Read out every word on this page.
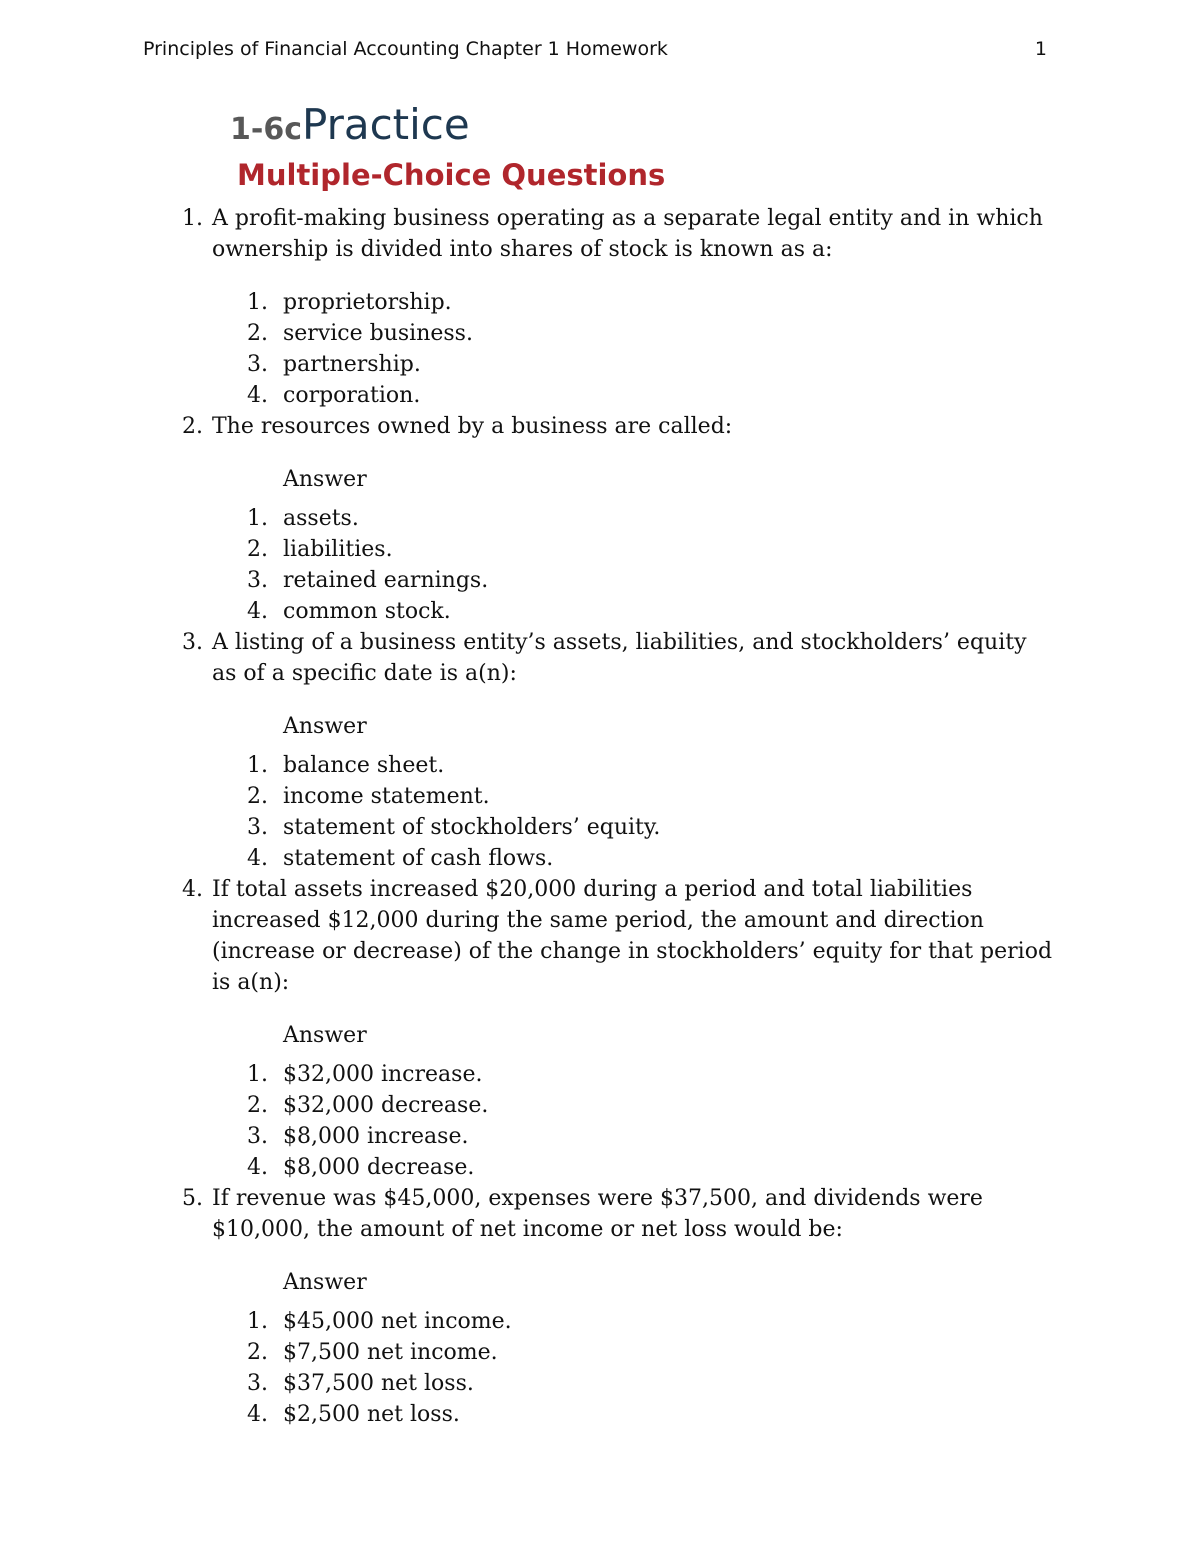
Principles of Financial Accounting Chapter 1 Homework	1
1-6cPractice
Multiple-Choice Questions
1. A profit-making business operating as a separate legal entity and in which ownership is divided into shares of stock is known as a:
1. proprietorship.
2. service business.
3. partnership.
4. corporation.
2. The resources owned by a business are called:
Answer
1. assets.
2. liabilities.
3. retained earnings.
4. common stock.
3. A listing of a business entity’s assets, liabilities, and stockholders’ equity as of a specific date is a(n):
Answer
1. balance sheet.
2. income statement.
3. statement of stockholders’ equity.
4. statement of cash flows.
4. If total assets increased $20,000 during a period and total liabilities increased $12,000 during the same period, the amount and direction (increase or decrease) of the change in stockholders’ equity for that period is a(n):
Answer
1. $32,000 increase.
2. $32,000 decrease.
3. $8,000 increase.
4. $8,000 decrease.
5. If revenue was $45,000, expenses were $37,500, and dividends were $10,000, the amount of net income or net loss would be:
Answer
1. $45,000 net income.
2. $7,500 net income.
3. $37,500 net loss.
4. $2,500 net loss.
